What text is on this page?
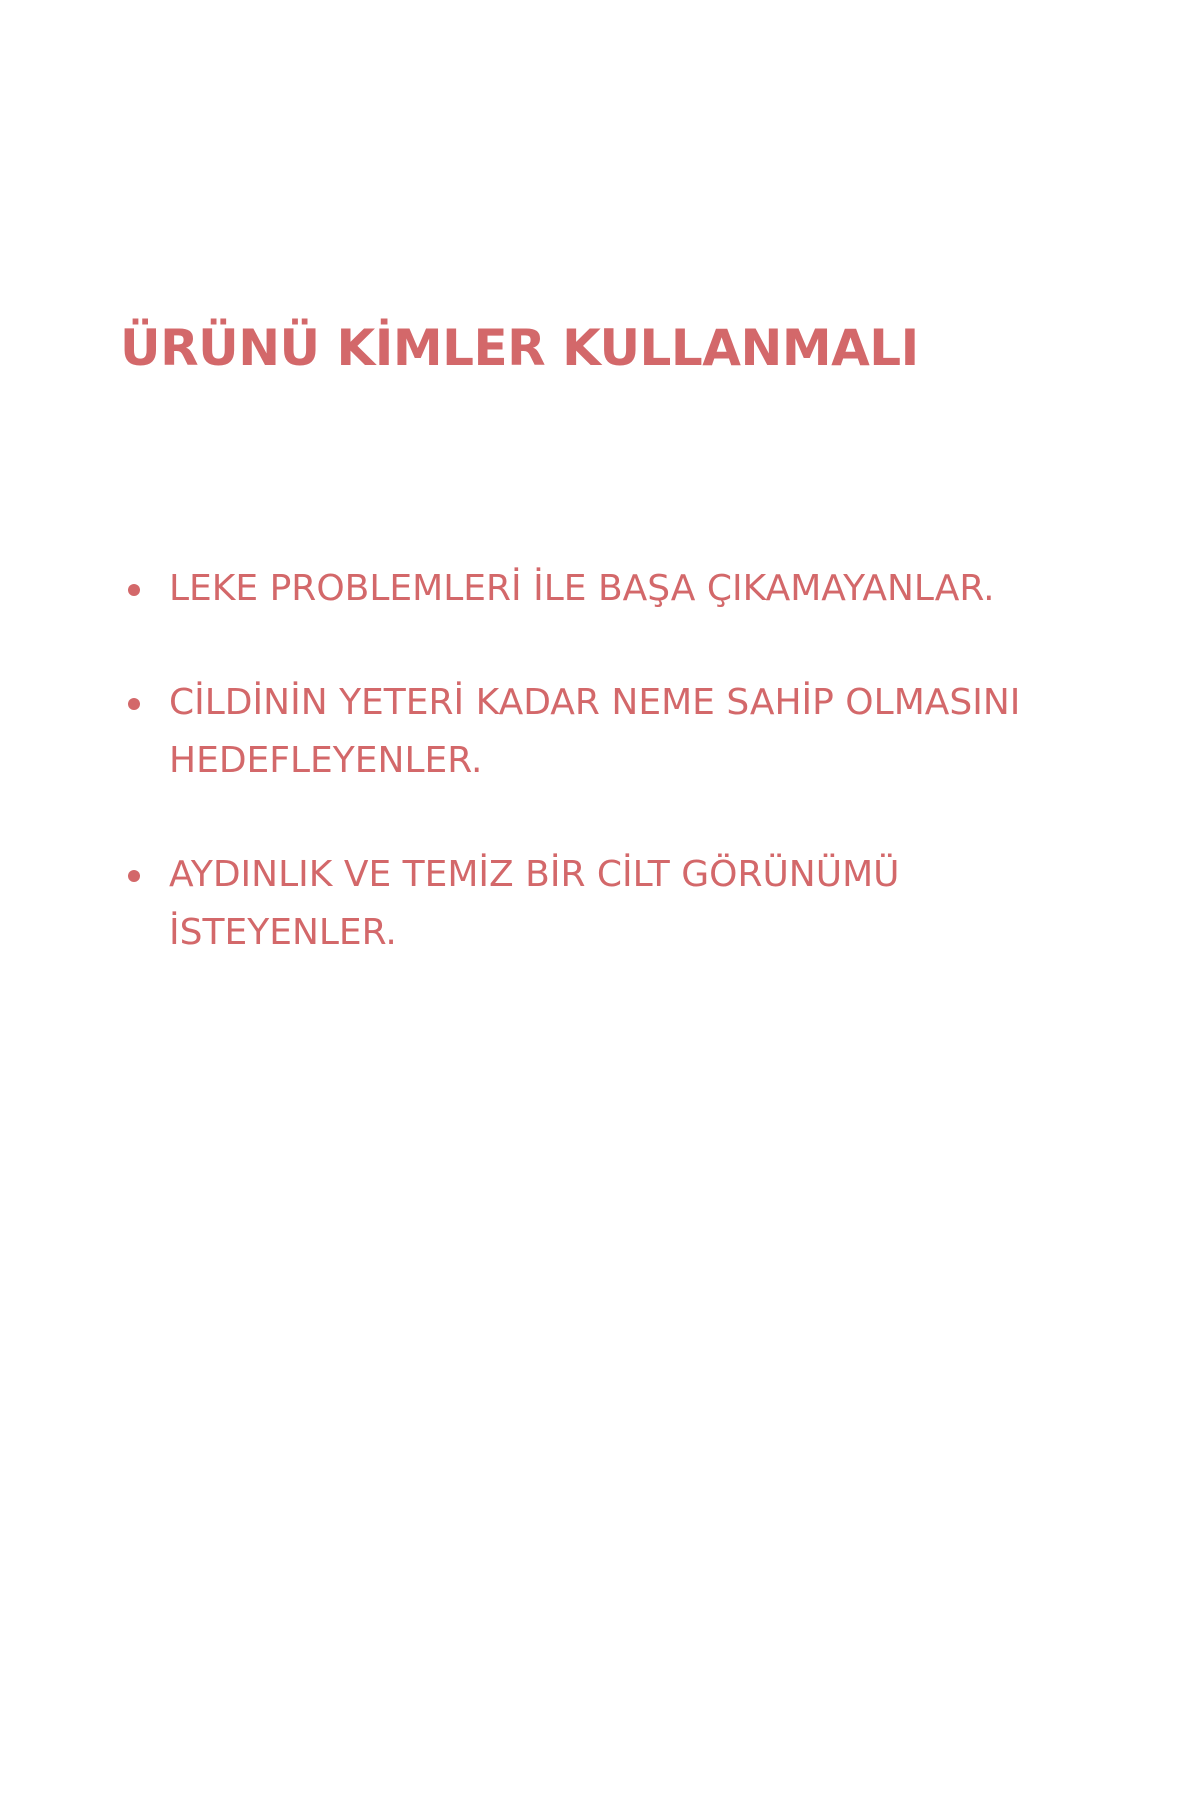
ÜRÜNÜ KİMLER KULLANMALI
LEKE PROBLEMLERİ İLE BAŞA ÇIKAMAYANLAR.
CİLDİNİN YETERİ KADAR NEME SAHİP OLMASINI HEDEFLEYENLER.
AYDINLIK VE TEMİZ BİR CİLT GÖRÜNÜMÜ İSTEYENLER.
